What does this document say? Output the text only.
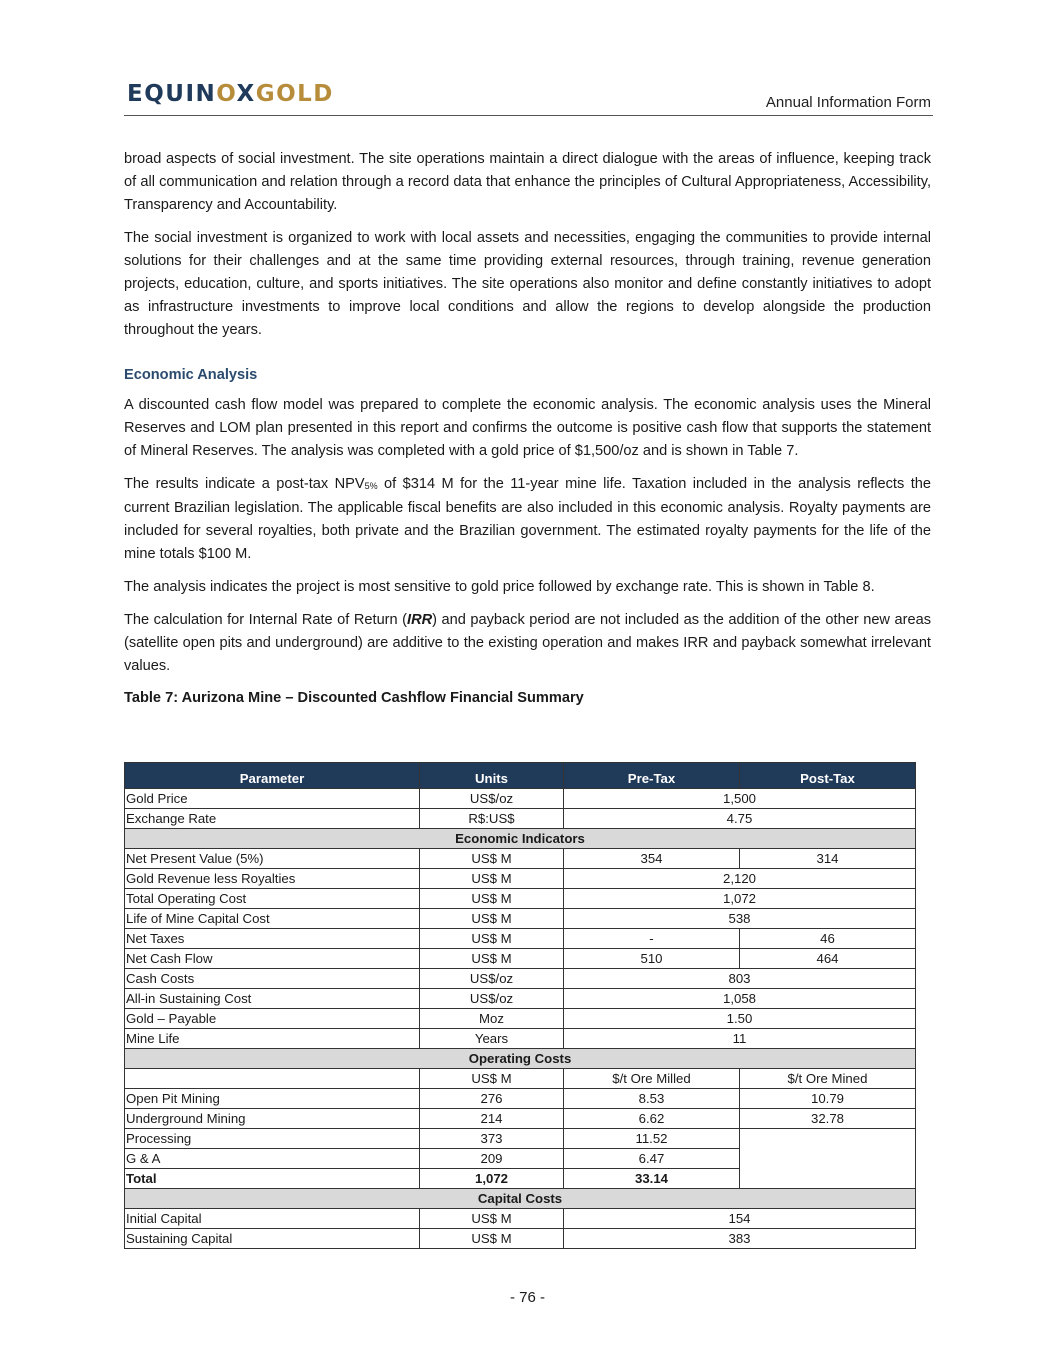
EQUINOXGOLD	Annual Information Form

broad aspects of social investment. The site operations maintain a direct dialogue with the areas of influence, keeping track of all communication and relation through a record data that enhance the principles of Cultural Appropriateness, Accessibility, Transparency and Accountability.

The social investment is organized to work with local assets and necessities, engaging the communities to provide internal solutions for their challenges and at the same time providing external resources, through training, revenue generation projects, education, culture, and sports initiatives. The site operations also monitor and define constantly initiatives to adopt as infrastructure investments to improve local conditions and allow the regions to develop alongside the production throughout the years.

Economic Analysis

A discounted cash flow model was prepared to complete the economic analysis. The economic analysis uses the Mineral Reserves and LOM plan presented in this report and confirms the outcome is positive cash flow that supports the statement of Mineral Reserves. The analysis was completed with a gold price of $1,500/oz and is shown in Table 7.

The results indicate a post-tax $NPV_{5\%}$ of $314 M for the 11-year mine life. Taxation included in the analysis reflects the current Brazilian legislation. The applicable fiscal benefits are also included in this economic analysis. Royalty payments are included for several royalties, both private and the Brazilian government. The estimated royalty payments for the life of the mine totals $100 M.

The analysis indicates the project is most sensitive to gold price followed by exchange rate. This is shown in Table 8.

The calculation for Internal Rate of Return (IRR) and payback period are not included as the addition of the other new areas (satellite open pits and underground) are additive to the existing operation and makes IRR and payback somewhat irrelevant values.

Table 7: Aurizona Mine – Discounted Cashflow Financial Summary
Parameter	Units	Pre-Tax	Post-Tax
Gold Price	US$/oz	1,500	
Exchange Rate	R$:US$	4.75	
Economic Indicators			
Net Present Value (5%)	US$ M	354	314
Gold Revenue less Royalties	US$ M	2,120	
Total Operating Cost	US$ M	1,072	
Life of Mine Capital Cost	US$ M	538	
Net Taxes	US$ M	-	46
Net Cash Flow	US$ M	510	464
Cash Costs	US$/oz	803	
All-in Sustaining Cost	US$/oz	1,058	
Gold – Payable	Moz	1.50	
Mine Life	Years	11	
Operating Costs			
	US$ M	$/t Ore Milled	$/t Ore Mined
Open Pit Mining	276	8.53	10.79
Underground Mining	214	6.62	32.78
Processing	373	11.52	
G & A	209	6.47	
Total	1,072	33.14	
Capital Costs			
Initial Capital	US$ M	154	
Sustaining Capital	US$ M	383	
- 76 -
